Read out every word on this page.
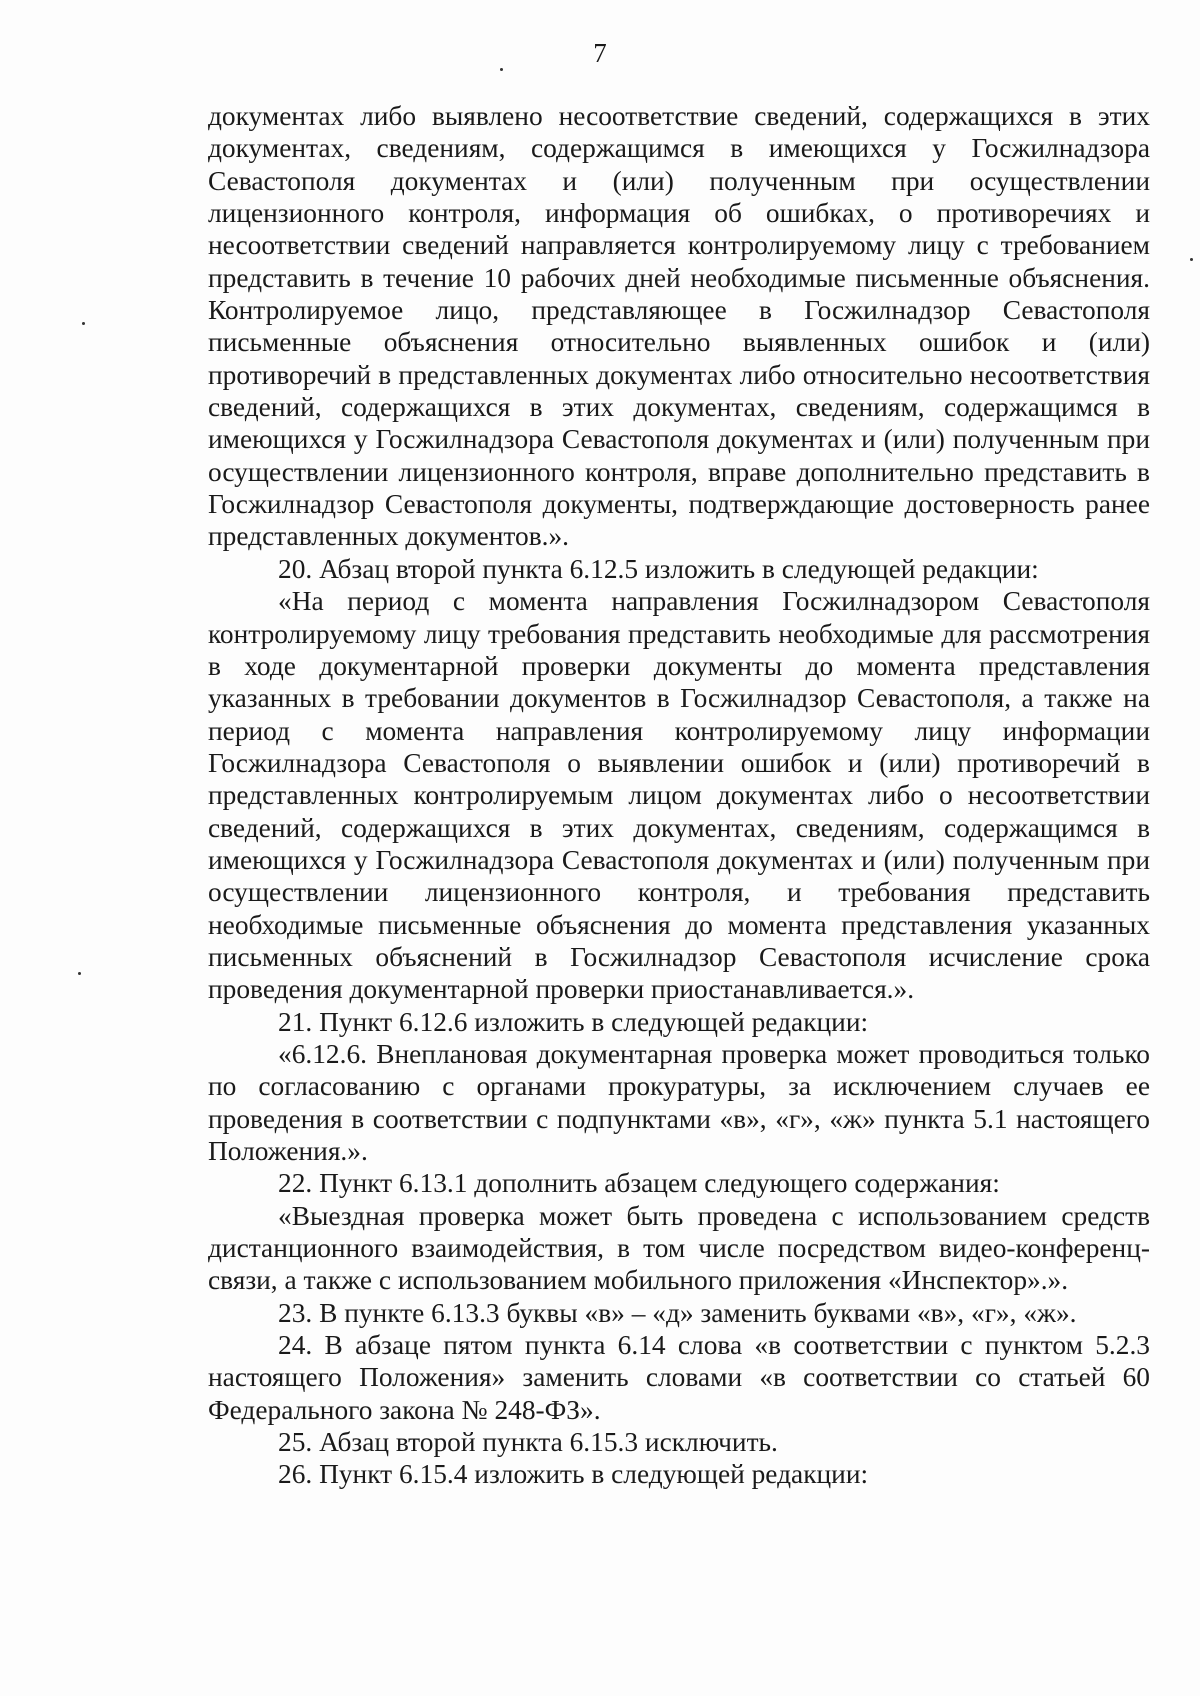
7

документах либо выявлено несоответствие сведений, содержащихся в этих документах, сведениям, содержащимся в имеющихся у Госжилнадзора Севастополя документах и (или) полученным при осуществлении лицензионного контроля, информация об ошибках, о противоречиях и несоответствии сведений направляется контролируемому лицу с требованием представить в течение 10 рабочих дней необходимые письменные объяснения. Контролируемое лицо, представляющее в Госжилнадзор Севастополя письменные объяснения относительно выявленных ошибок и (или) противоречий в представленных документах либо относительно несоответствия сведений, содержащихся в этих документах, сведениям, содержащимся в имеющихся у Госжилнадзора Севастополя документах и (или) полученным при осуществлении лицензионного контроля, вправе дополнительно представить в Госжилнадзор Севастополя документы, подтверждающие достоверность ранее представленных документов.».

20. Абзац второй пункта 6.12.5 изложить в следующей редакции:

«На период с момента направления Госжилнадзором Севастополя контролируемому лицу требования представить необходимые для рассмотрения в ходе документарной проверки документы до момента представления указанных в требовании документов в Госжилнадзор Севастополя, а также на период с момента направления контролируемому лицу информации Госжилнадзора Севастополя о выявлении ошибок и (или) противоречий в представленных контролируемым лицом документах либо о несоответствии сведений, содержащихся в этих документах, сведениям, содержащимся в имеющихся у Госжилнадзора Севастополя документах и (или) полученным при осуществлении лицензионного контроля, и требования представить необходимые письменные объяснения до момента представления указанных письменных объяснений в Госжилнадзор Севастополя исчисление срока проведения документарной проверки приостанавливается.».

21. Пункт 6.12.6 изложить в следующей редакции:

«6.12.6. Внеплановая документарная проверка может проводиться только по согласованию с органами прокуратуры, за исключением случаев ее проведения в соответствии с подпунктами «в», «г», «ж» пункта 5.1 настоящего Положения.».

22. Пункт 6.13.1 дополнить абзацем следующего содержания:

«Выездная проверка может быть проведена с использованием средств дистанционного взаимодействия, в том числе посредством видео-конференц-связи, а также с использованием мобильного приложения «Инспектор».».

23. В пункте 6.13.3 буквы «в» – «д» заменить буквами «в», «г», «ж».

24. В абзаце пятом пункта 6.14 слова «в соответствии с пунктом 5.2.3 настоящего Положения» заменить словами «в соответствии со статьей 60 Федерального закона № 248-ФЗ».

25. Абзац второй пункта 6.15.3 исключить.

26. Пункт 6.15.4 изложить в следующей редакции:
